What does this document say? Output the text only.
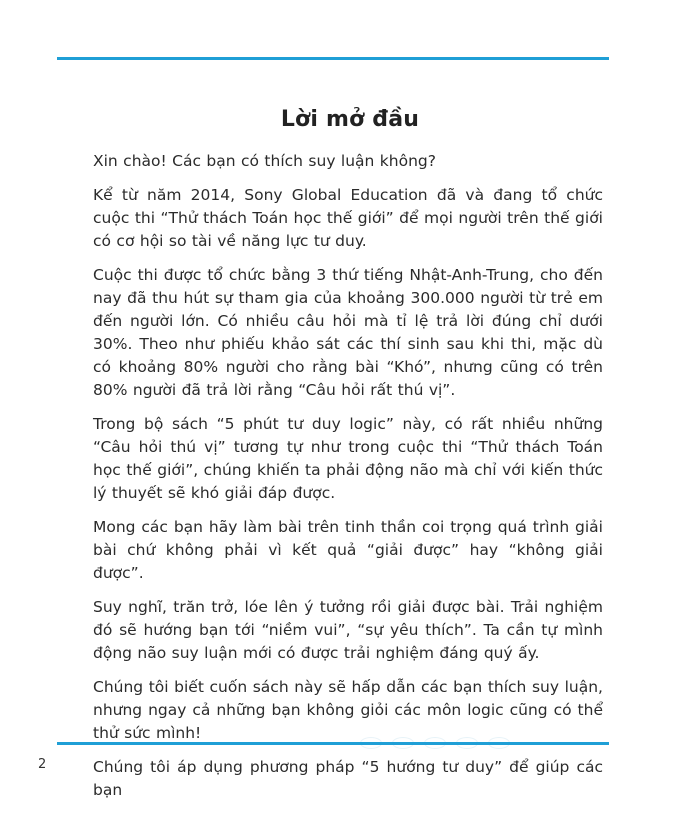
Lời mở đầu

Xin chào! Các bạn có thích suy luận không?

Kể từ năm 2014, Sony Global Education đã và đang tổ chức cuộc thi “Thử thách Toán học thế giới” để mọi người trên thế giới có cơ hội so tài về năng lực tư duy.

Cuộc thi được tổ chức bằng 3 thứ tiếng Nhật-Anh-Trung, cho đến nay đã thu hút sự tham gia của khoảng 300.000 người từ trẻ em đến người lớn. Có nhiều câu hỏi mà tỉ lệ trả lời đúng chỉ dưới 30%. Theo như phiếu khảo sát các thí sinh sau khi thi, mặc dù có khoảng 80% người cho rằng bài “Khó”, nhưng cũng có trên 80% người đã trả lời rằng “Câu hỏi rất thú vị”.

Trong bộ sách “5 phút tư duy logic” này, có rất nhiều những “Câu hỏi thú vị” tương tự như trong cuộc thi “Thử thách Toán học thế giới”, chúng khiến ta phải động não mà chỉ với kiến thức lý thuyết sẽ khó giải đáp được.

Mong các bạn hãy làm bài trên tinh thần coi trọng quá trình giải bài chứ không phải vì kết quả “giải được” hay “không giải được”.

Suy nghĩ, trăn trở, lóe lên ý tưởng rồi giải được bài. Trải nghiệm đó sẽ hướng bạn tới “niềm vui”, “sự yêu thích”. Ta cần tự mình động não suy luận mới có được trải nghiệm đáng quý ấy.

Chúng tôi biết cuốn sách này sẽ hấp dẫn các bạn thích suy luận, nhưng ngay cả những bạn không giỏi các môn logic cũng có thể thử sức mình!

Chúng tôi áp dụng phương pháp “5 hướng tư duy” để giúp các bạn

2
